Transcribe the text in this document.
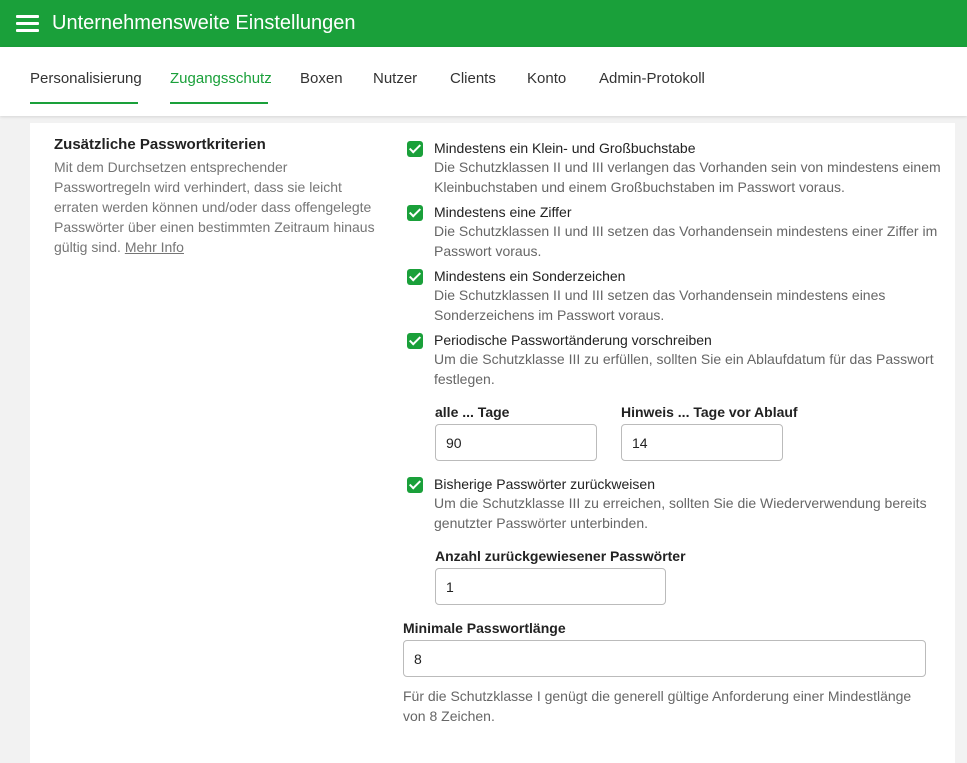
Unternehmensweite Einstellungen
Personalisierung Zugangsschutz Boxen Nutzer Clients Konto Admin-Protokoll
Zusätzliche Passwortkriterien
Mit dem Durchsetzen entsprechender Passwortregeln wird verhindert, dass sie leicht erraten werden können und/oder dass offengelegte Passwörter über einen bestimmten Zeitraum hinaus gültig sind. Mehr Info
Mindestens ein Klein- und Großbuchstabe
Die Schutzklassen II und III verlangen das Vorhanden sein von mindestens einem Kleinbuchstaben und einem Großbuchstaben im Passwort voraus.
Mindestens eine Ziffer
Die Schutzklassen II und III setzen das Vorhandensein mindestens einer Ziffer im Passwort voraus.
Mindestens ein Sonderzeichen
Die Schutzklassen II und III setzen das Vorhandensein mindestens eines Sonderzeichens im Passwort voraus.
Periodische Passwortänderung vorschreiben
Um die Schutzklasse III zu erfüllen, sollten Sie ein Ablaufdatum für das Passwort festlegen.
alle ... Tage
90	Hinweis ... Tage vor Ablauf
14
Bisherige Passwörter zurückweisen
Um die Schutzklasse III zu erreichen, sollten Sie die Wiederverwendung bereits genutzter Passwörter unterbinden.
Anzahl zurückgewiesener Passwörter
1
Minimale Passwortlänge
8
Für die Schutzklasse I genügt die generell gültige Anforderung einer Mindestlänge von 8 Zeichen.
